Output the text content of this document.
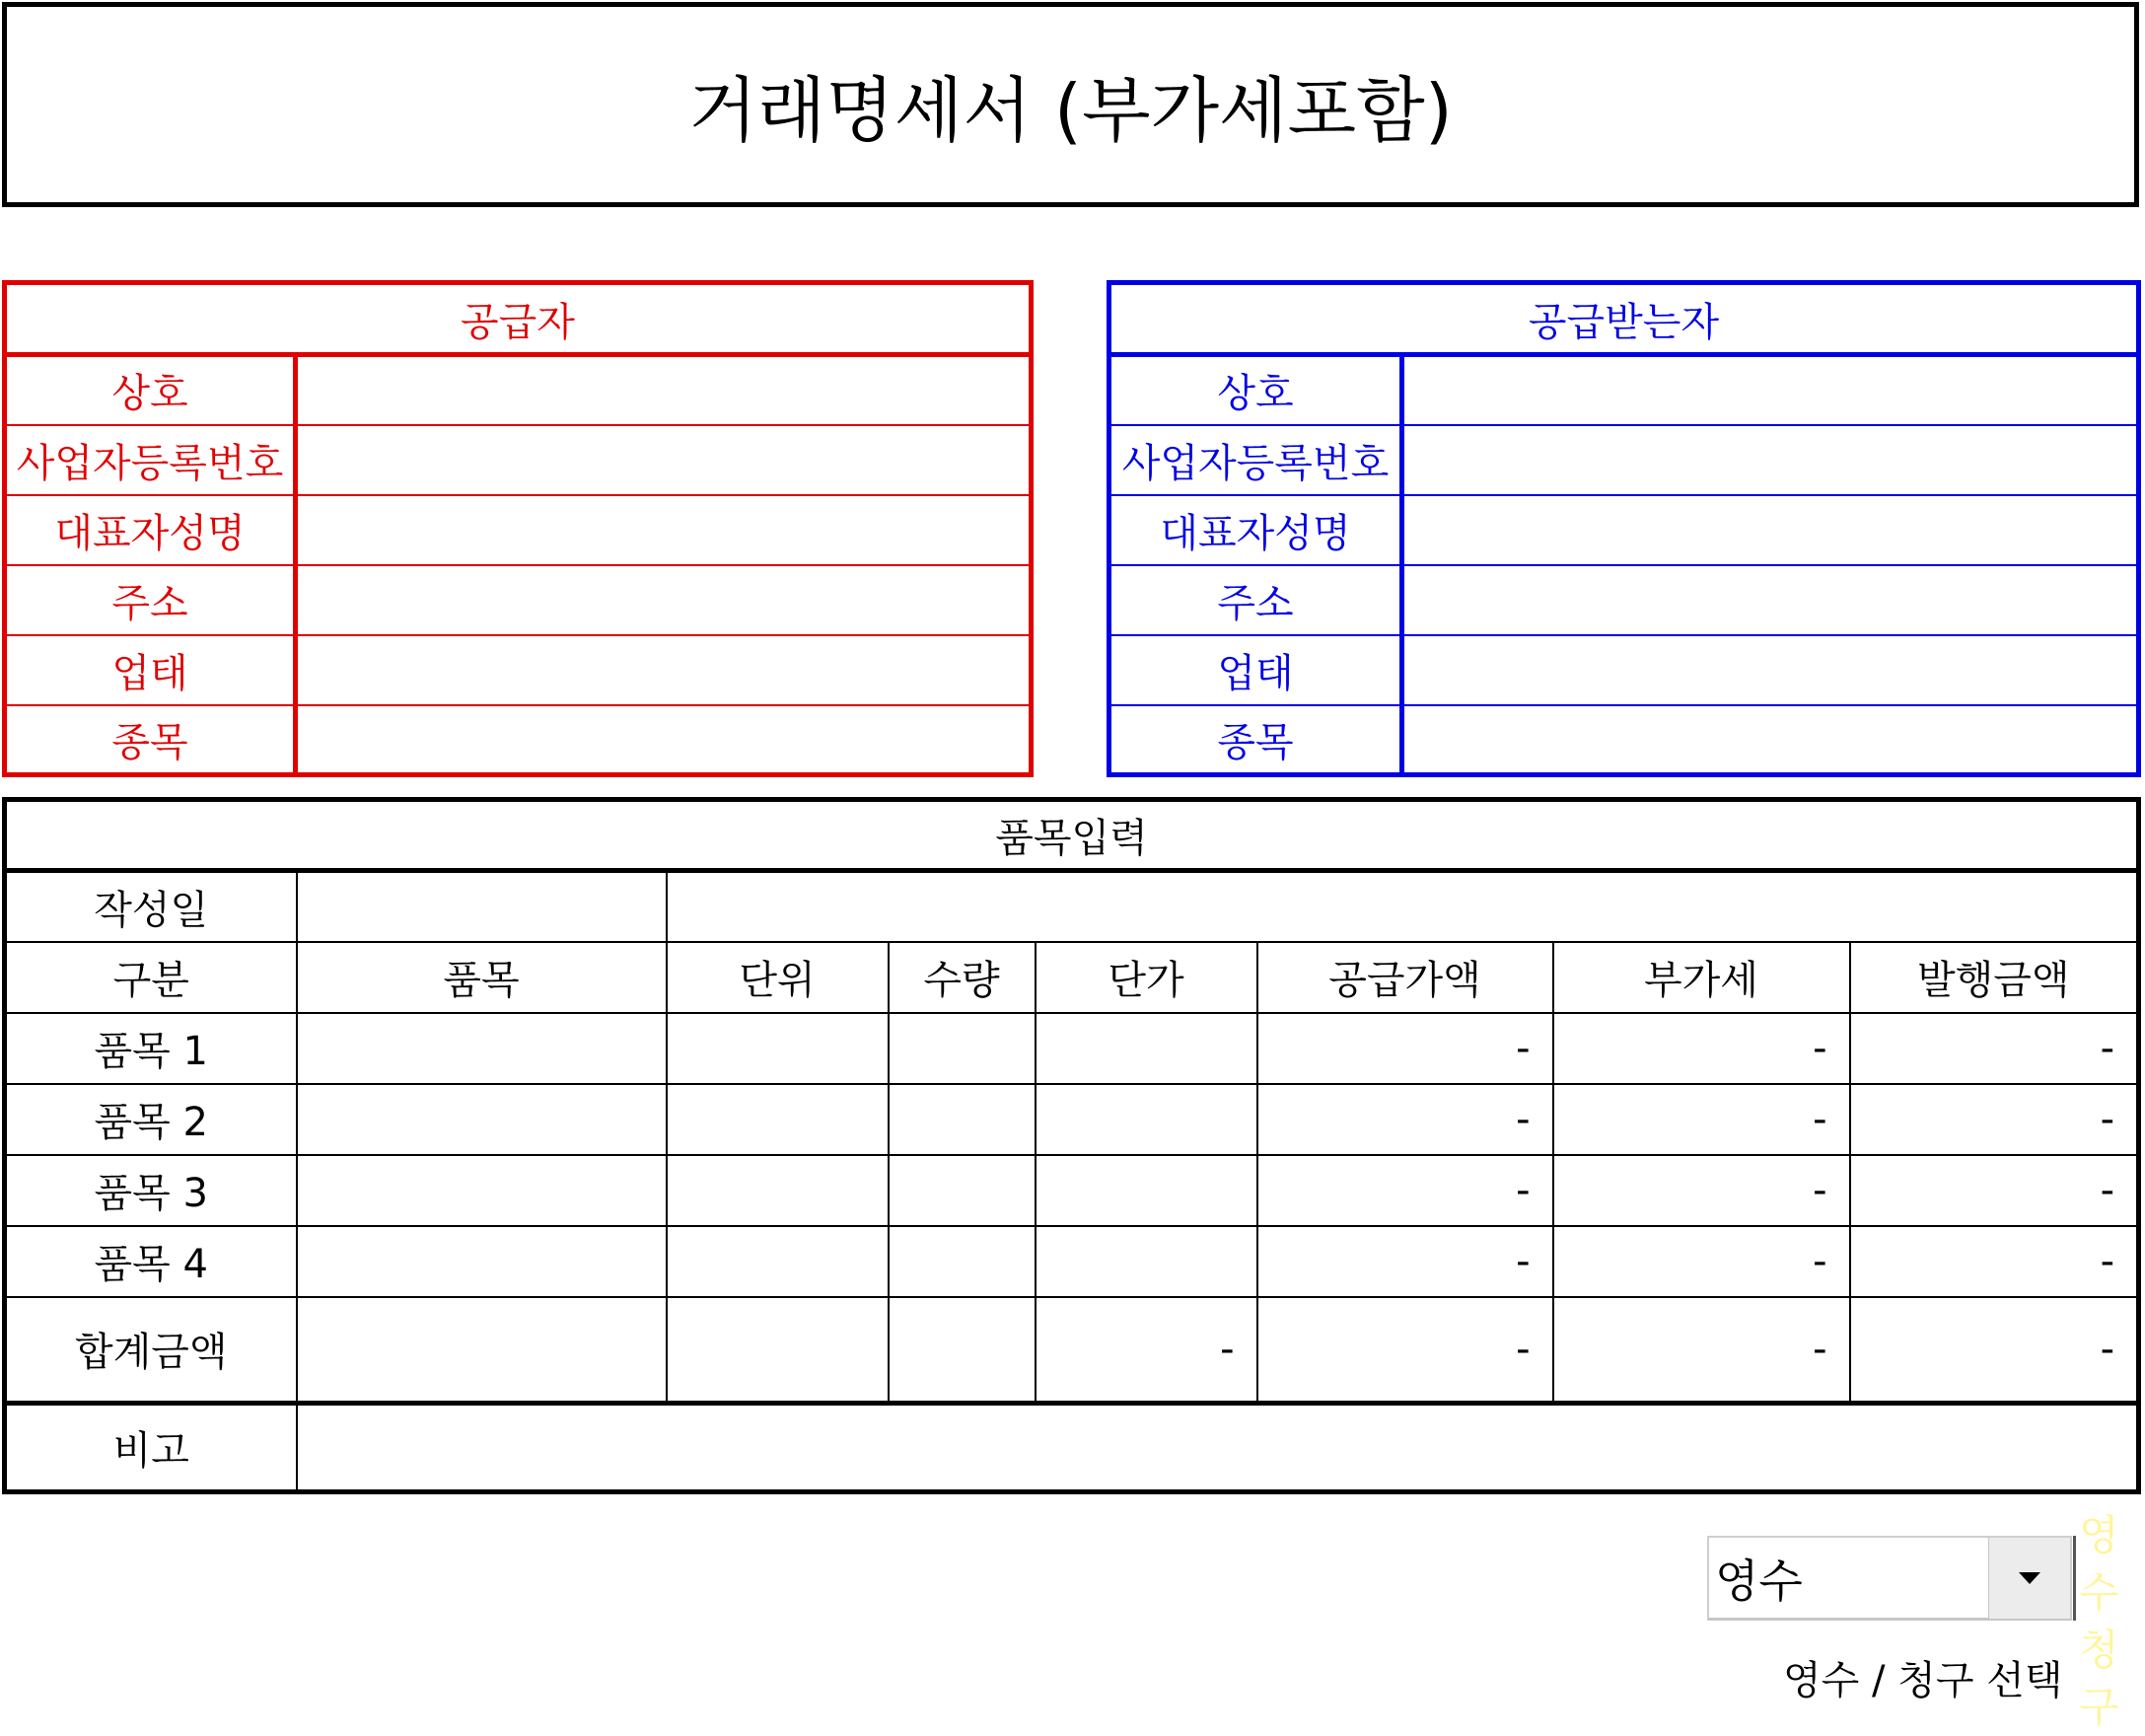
거래명세서 (부가세포함)
공급자	
상호	
사업자등록번호	
대표자성명	
주소	
업태	
종목	
공급받는자	
상호	
사업자등록번호	
대표자성명	
주소	
업태	
종목	
품목입력							
작성일							
구분	품목	단위	수량	단가	공급가액	부가세	발행금액
품목 1					-	-	-
품목 2					-	-	-
품목 3					-	-	-
품목 4					-	-	-
합계금액				-	-	-	-
비고							
영수
영수
청구
영수 / 청구 선택
